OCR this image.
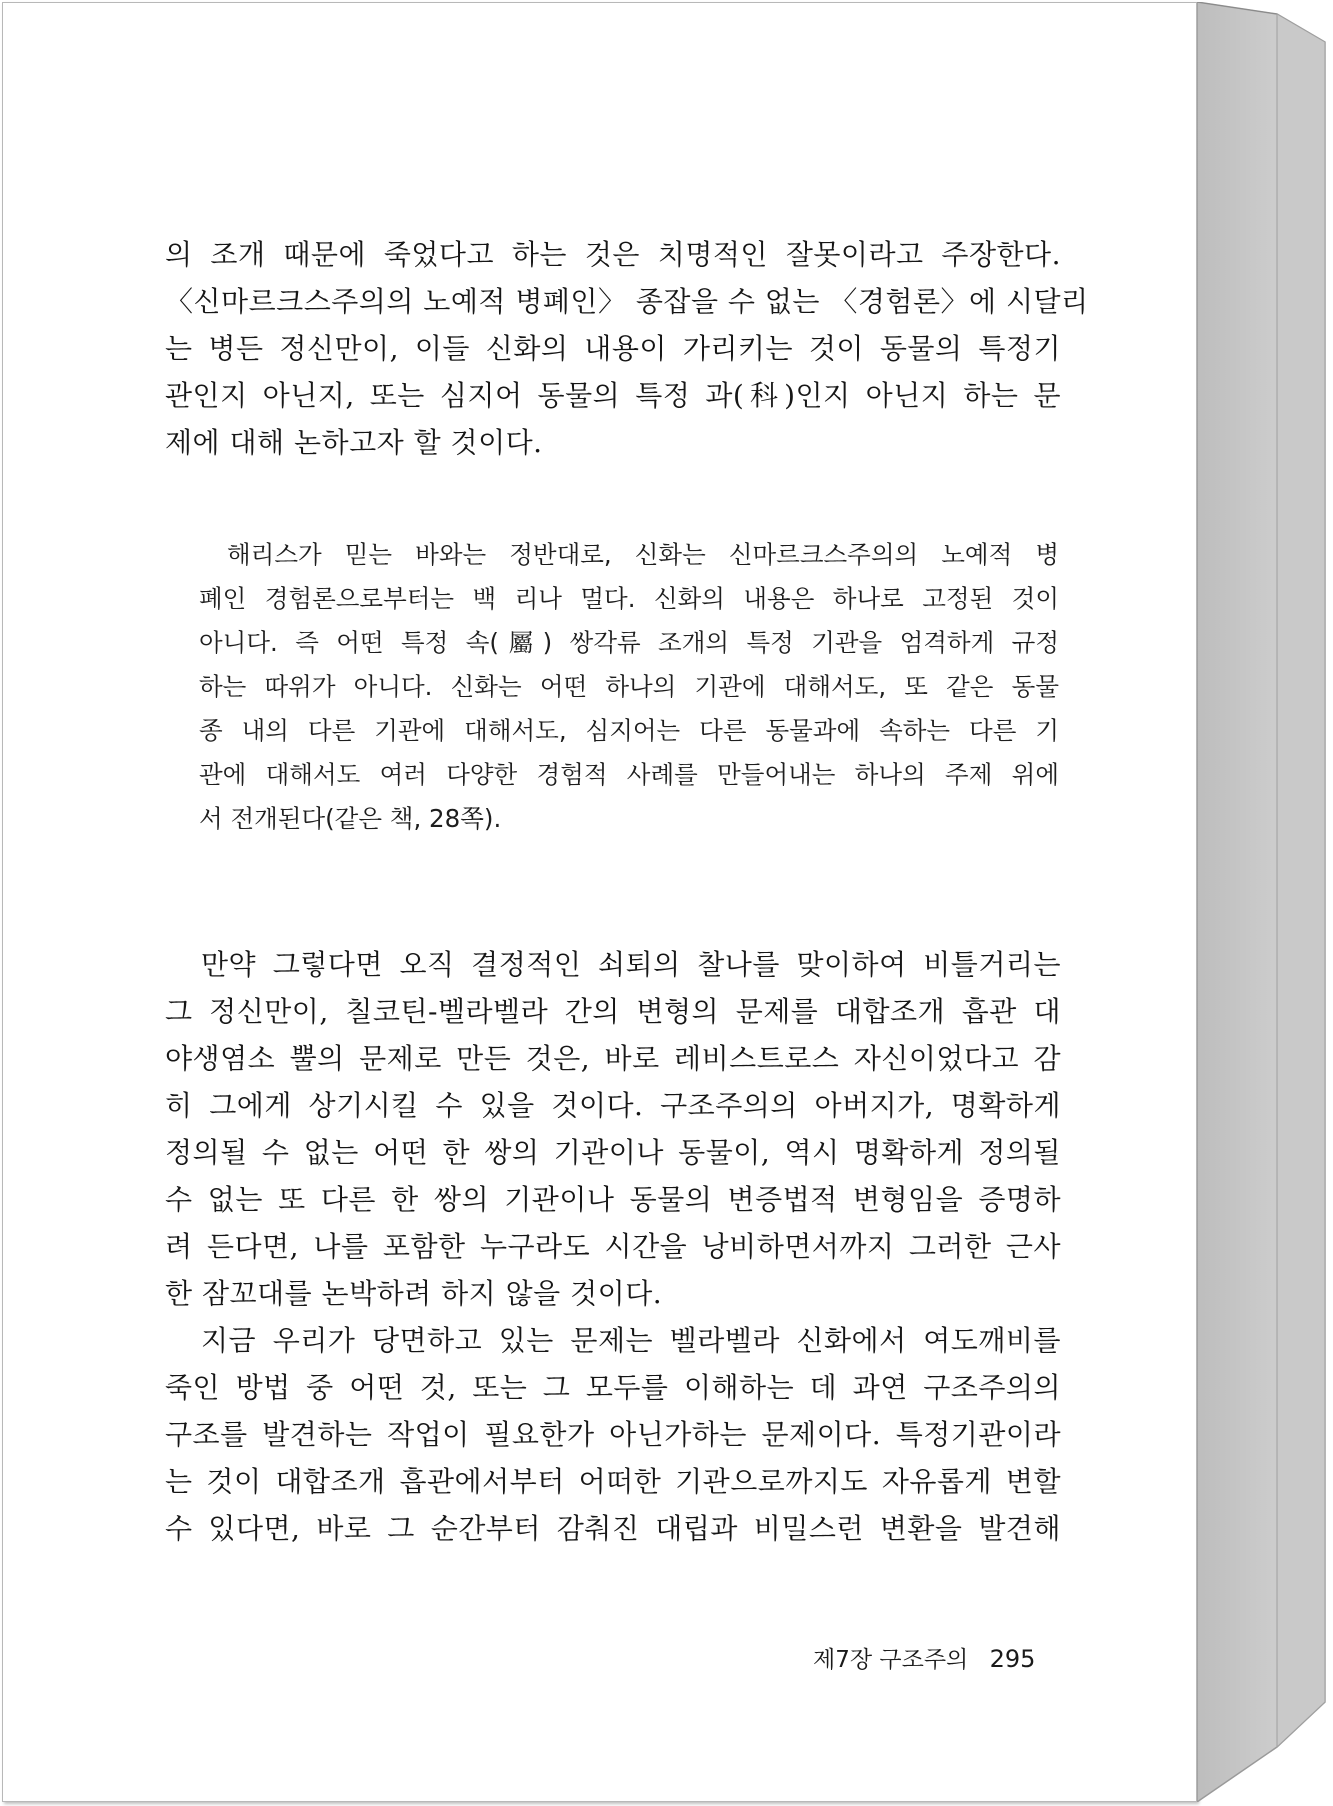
의 조개 때문에 죽었다고 하는 것은 치명적인 잘못이라고 주장한다.
〈신마르크스주의의 노예적 병폐인〉 종잡을 수 없는 〈경험론〉에 시달리
는 병든 정신만이, 이들 신화의 내용이 가리키는 것이 동물의 특정기
관인지 아닌지, 또는 심지어 동물의 특정 과(科)인지 아닌지 하는 문
제에 대해 논하고자 할 것이다.
해리스가 믿는 바와는 정반대로, 신화는 신마르크스주의의 노예적 병
폐인 경험론으로부터는 백 리나 멀다. 신화의 내용은 하나로 고정된 것이
아니다. 즉 어떤 특정 속(屬) 쌍각류 조개의 특정 기관을 엄격하게 규정
하는 따위가 아니다. 신화는 어떤 하나의 기관에 대해서도, 또 같은 동물
종 내의 다른 기관에 대해서도, 심지어는 다른 동물과에 속하는 다른 기
관에 대해서도 여러 다양한 경험적 사례를 만들어내는 하나의 주제 위에
서 전개된다(같은 책, 28쪽).
만약 그렇다면 오직 결정적인 쇠퇴의 찰나를 맞이하여 비틀거리는
그 정신만이, 칠코틴-벨라벨라 간의 변형의 문제를 대합조개 흡관 대
야생염소 뿔의 문제로 만든 것은, 바로 레비스트로스 자신이었다고 감
히 그에게 상기시킬 수 있을 것이다. 구조주의의 아버지가, 명확하게
정의될 수 없는 어떤 한 쌍의 기관이나 동물이, 역시 명확하게 정의될
수 없는 또 다른 한 쌍의 기관이나 동물의 변증법적 변형임을 증명하
려 든다면, 나를 포함한 누구라도 시간을 낭비하면서까지 그러한 근사
한 잠꼬대를 논박하려 하지 않을 것이다.
지금 우리가 당면하고 있는 문제는 벨라벨라 신화에서 여도깨비를
죽인 방법 중 어떤 것, 또는 그 모두를 이해하는 데 과연 구조주의의
구조를 발견하는 작업이 필요한가 아닌가하는 문제이다. 특정기관이라
는 것이 대합조개 흡관에서부터 어떠한 기관으로까지도 자유롭게 변할
수 있다면, 바로 그 순간부터 감춰진 대립과 비밀스런 변환을 발견해
제7장 구조주의 295
